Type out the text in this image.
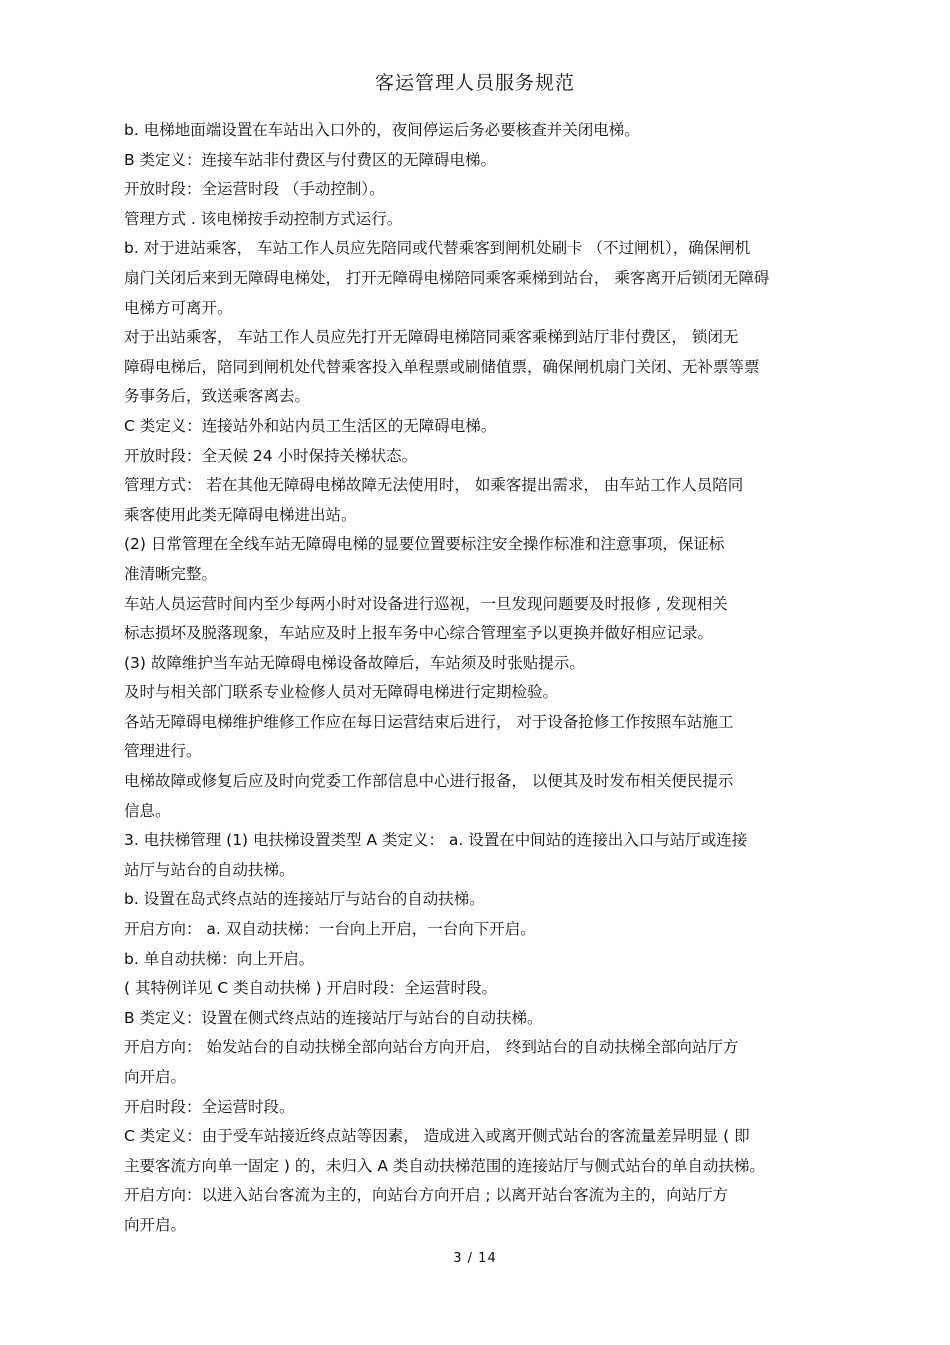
客运管理人员服务规范

b. 电梯地面端设置在车站出入口外的，夜间停运后务必要核查并关闭电梯。

B 类定义：连接车站非付费区与付费区的无障碍电梯。

开放时段：全运营时段 （手动控制）。

管理方式 . 该电梯按手动控制方式运行。

b. 对于进站乘客， 车站工作人员应先陪同或代替乘客到闸机处刷卡 （不过闸机），确保闸机
扇门关闭后来到无障碍电梯处， 打开无障碍电梯陪同乘客乘梯到站台， 乘客离开后锁闭无障碍
电梯方可离开。

对于出站乘客， 车站工作人员应先打开无障碍电梯陪同乘客乘梯到站厅非付费区， 锁闭无
障碍电梯后，陪同到闸机处代替乘客投入单程票或刷储值票，确保闸机扇门关闭、无补票等票
务事务后，致送乘客离去。

C 类定义：连接站外和站内员工生活区的无障碍电梯。

开放时段：全天候 24 小时保持关梯状态。

管理方式： 若在其他无障碍电梯故障无法使用时， 如乘客提出需求， 由车站工作人员陪同
乘客使用此类无障碍电梯进出站。

(2) 日常管理在全线车站无障碍电梯的显要位置要标注安全操作标准和注意事项，保证标
准清晰完整。

车站人员运营时间内至少每两小时对设备进行巡视，一旦发现问题要及时报修 , 发现相关
标志损坏及脱落现象，车站应及时上报车务中心综合管理室予以更换并做好相应记录。

(3) 故障维护当车站无障碍电梯设备故障后，车站须及时张贴提示。

及时与相关部门联系专业检修人员对无障碍电梯进行定期检验。

各站无障碍电梯维护维修工作应在每日运营结束后进行， 对于设备抢修工作按照车站施工
管理进行。

电梯故障或修复后应及时向党委工作部信息中心进行报备， 以便其及时发布相关便民提示
信息。

3. 电扶梯管理 (1) 电扶梯设置类型 A 类定义： a. 设置在中间站的连接出入口与站厅或连接
站厅与站台的自动扶梯。

b. 设置在岛式终点站的连接站厅与站台的自动扶梯。

开启方向： a. 双自动扶梯：一台向上开启，一台向下开启。

b. 单自动扶梯：向上开启。

( 其特例详见 C 类自动扶梯 ) 开启时段：全运营时段。

B 类定义：设置在侧式终点站的连接站厅与站台的自动扶梯。

开启方向： 始发站台的自动扶梯全部向站台方向开启， 终到站台的自动扶梯全部向站厅方
向开启。

开启时段：全运营时段。

C 类定义：由于受车站接近终点站等因素， 造成进入或离开侧式站台的客流量差异明显 ( 即
主要客流方向单一固定 ) 的，未归入 A 类自动扶梯范围的连接站厅与侧式站台的单自动扶梯。

开启方向：以进入站台客流为主的，向站台方向开启 ; 以离开站台客流为主的，向站厅方
向开启。

3 / 14
